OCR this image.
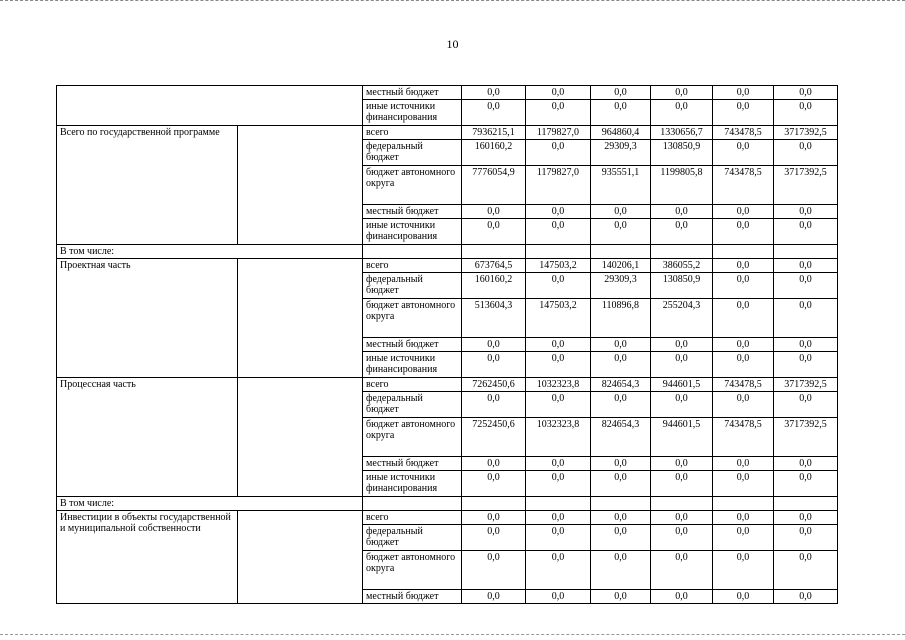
10
		местный бюджет	0,0	0,0	0,0	0,0	0,0	0,0
		иные источники финансирования	0,0	0,0	0,0	0,0	0,0	0,0
Всего по государственной программе		всего	7936215,1	1179827,0	964860,4	1330656,7	743478,5	3717392,5
		федеральный бюджет	160160,2	0,0	29309,3	130850,9	0,0	0,0
		бюджет автономного округа	7776054,9	1179827,0	935551,1	1199805,8	743478,5	3717392,5
		местный бюджет	0,0	0,0	0,0	0,0	0,0	0,0
		иные источники финансирования	0,0	0,0	0,0	0,0	0,0	0,0
В том числе:								
Проектная часть		всего	673764,5	147503,2	140206,1	386055,2	0,0	0,0
		федеральный бюджет	160160,2	0,0	29309,3	130850,9	0,0	0,0
		бюджет автономного округа	513604,3	147503,2	110896,8	255204,3	0,0	0,0
		местный бюджет	0,0	0,0	0,0	0,0	0,0	0,0
		иные источники финансирования	0,0	0,0	0,0	0,0	0,0	0,0
Процессная часть		всего	7262450,6	1032323,8	824654,3	944601,5	743478,5	3717392,5
		федеральный бюджет	0,0	0,0	0,0	0,0	0,0	0,0
		бюджет автономного округа	7252450,6	1032323,8	824654,3	944601,5	743478,5	3717392,5
		местный бюджет	0,0	0,0	0,0	0,0	0,0	0,0
		иные источники финансирования	0,0	0,0	0,0	0,0	0,0	0,0
В том числе:								
Инвестиции в объекты государственной и муниципальной собственности		всего	0,0	0,0	0,0	0,0	0,0	0,0
		федеральный бюджет	0,0	0,0	0,0	0,0	0,0	0,0
		бюджет автономного округа	0,0	0,0	0,0	0,0	0,0	0,0
		местный бюджет	0,0	0,0	0,0	0,0	0,0	0,0
